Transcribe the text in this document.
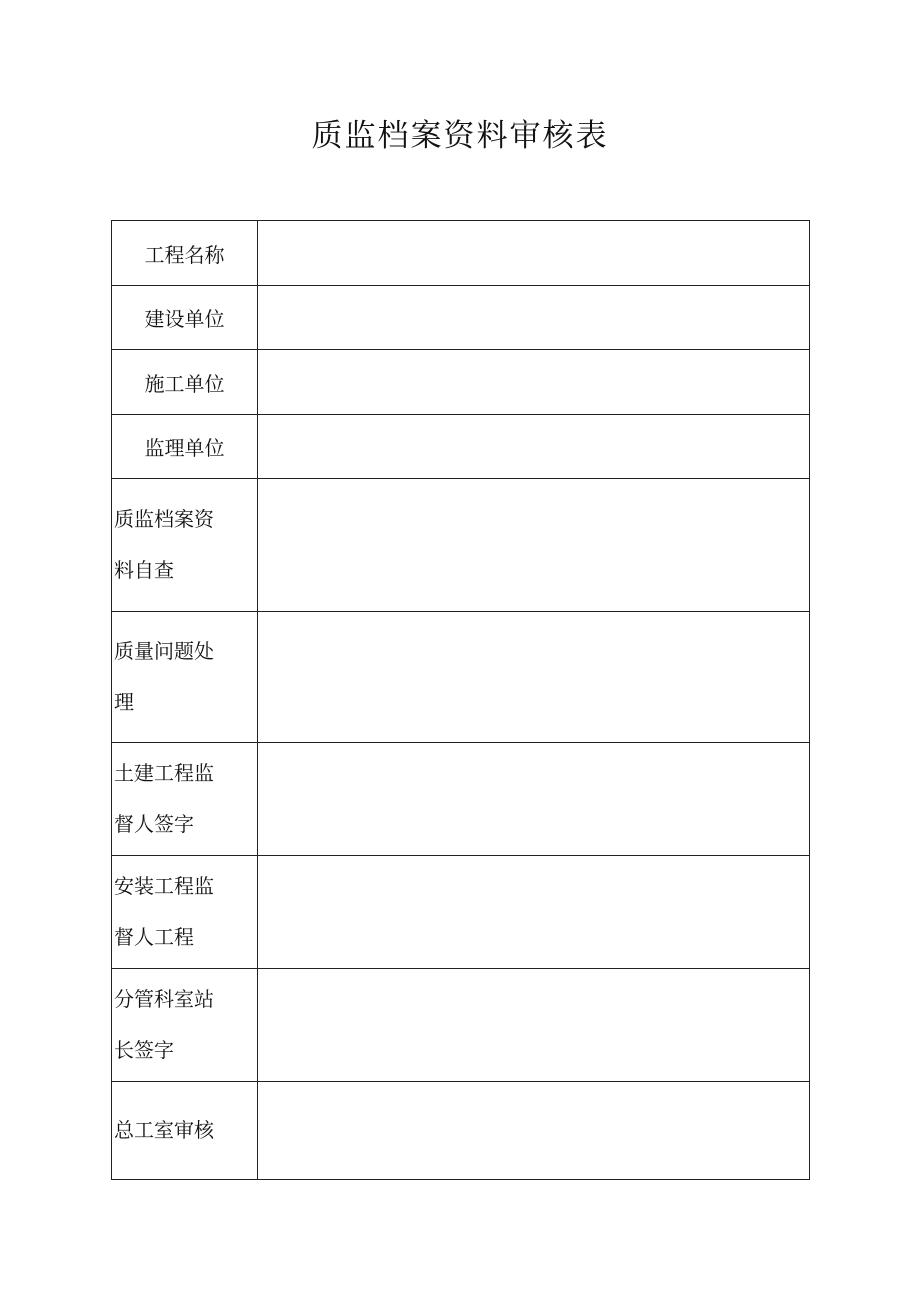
质监档案资料审核表
工程名称	
建设单位	
施工单位	
监理单位	

质监档案资料自查	

质量问题处理	

土建工程监督人签字	

安装工程监督人工程	

分管科室站长签字	

总工室审核	
